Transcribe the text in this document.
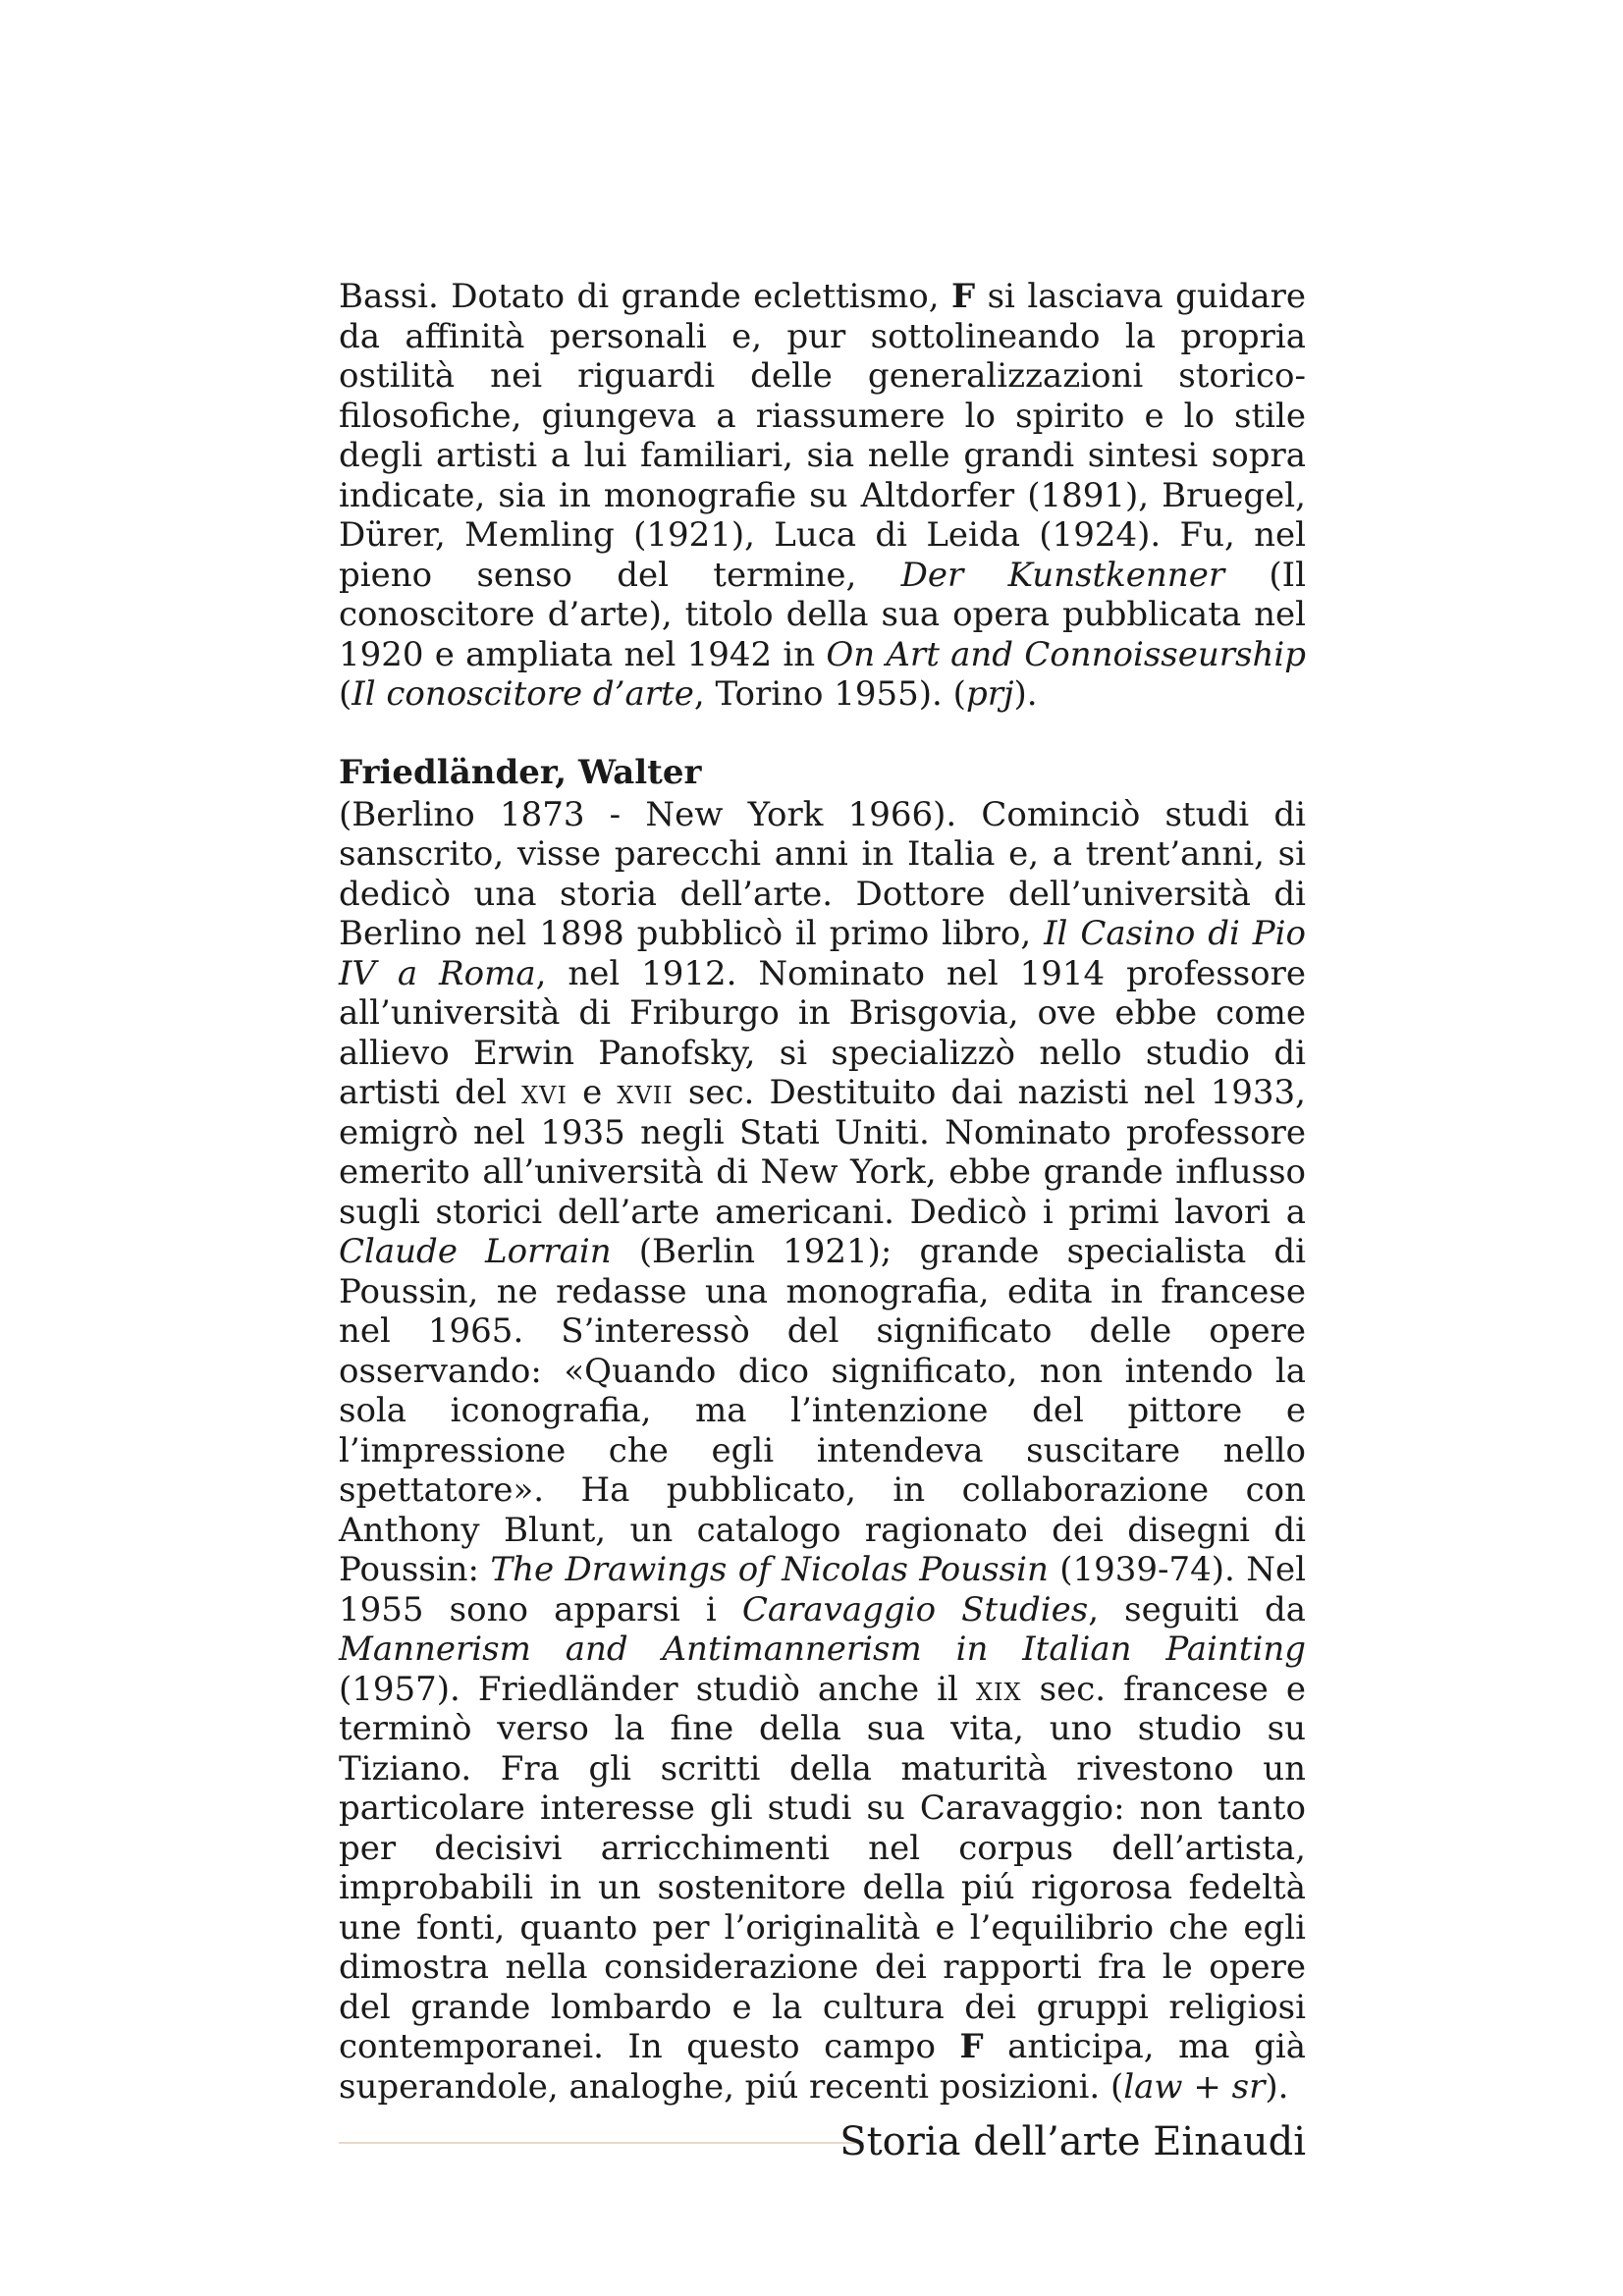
Bassi. Dotato di grande eclettismo, F si lasciava guidare da affinità personali e, pur sottolineando la propria ostilità nei riguardi delle generalizzazioni storico-filosofiche, giungeva a riassumere lo spirito e lo stile degli artisti a lui familiari, sia nelle grandi sintesi sopra indicate, sia in monografie su Altdorfer (1891), Bruegel, Dürer, Memling (1921), Luca di Leida (1924). Fu, nel pieno senso del termine, Der Kunstkenner (Il conoscitore d’arte), titolo della sua opera pubblicata nel 1920 e ampliata nel 1942 in On Art and Connoisseurship (Il conoscitore d’arte, Torino 1955). (prj).

Friedländer, Walter

(Berlino 1873 - New York 1966). Cominciò studi di sanscrito, visse parecchi anni in Italia e, a trent’anni, si dedicò una storia dell’arte. Dottore dell’università di Berlino nel 1898 pubblicò il primo libro, Il Casino di Pio IV a Roma, nel 1912. Nominato nel 1914 professore all’università di Friburgo in Brisgovia, ove ebbe come allievo Erwin Panofsky, si specializzò nello studio di artisti del xvi e xvii sec. Destituito dai nazisti nel 1933, emigrò nel 1935 negli Stati Uniti. Nominato professore emerito all’università di New York, ebbe grande influsso sugli storici dell’arte americani. Dedicò i primi lavori a Claude Lorrain (Berlin 1921); grande specialista di Poussin, ne redasse una monografia, edita in francese nel 1965. S’interessò del significato delle opere osservando: «Quando dico significato, non intendo la sola iconografia, ma l’intenzione del pittore e l’impressione che egli intendeva suscitare nello spettatore». Ha pubblicato, in collaborazione con Anthony Blunt, un catalogo ragionato dei disegni di Poussin: The Drawings of Nicolas Poussin (1939-74). Nel 1955 sono apparsi i Caravaggio Studies, seguiti da Mannerism and Antimannerism in Italian Painting (1957). Friedländer studiò anche il xix sec. francese e terminò verso la fine della sua vita, uno studio su Tiziano. Fra gli scritti della maturità rivestono un particolare interesse gli studi su Caravaggio: non tanto per decisivi arricchimenti nel corpus dell’artista, improbabili in un sostenitore della piú rigorosa fedeltà une fonti, quanto per l’originalità e l’equilibrio che egli dimostra nella considerazione dei rapporti fra le opere del grande lombardo e la cultura dei gruppi religiosi contemporanei. In questo campo F anticipa, ma già superandole, analoghe, piú recenti posizioni. (law + sr).

Storia dell’arte Einaudi
